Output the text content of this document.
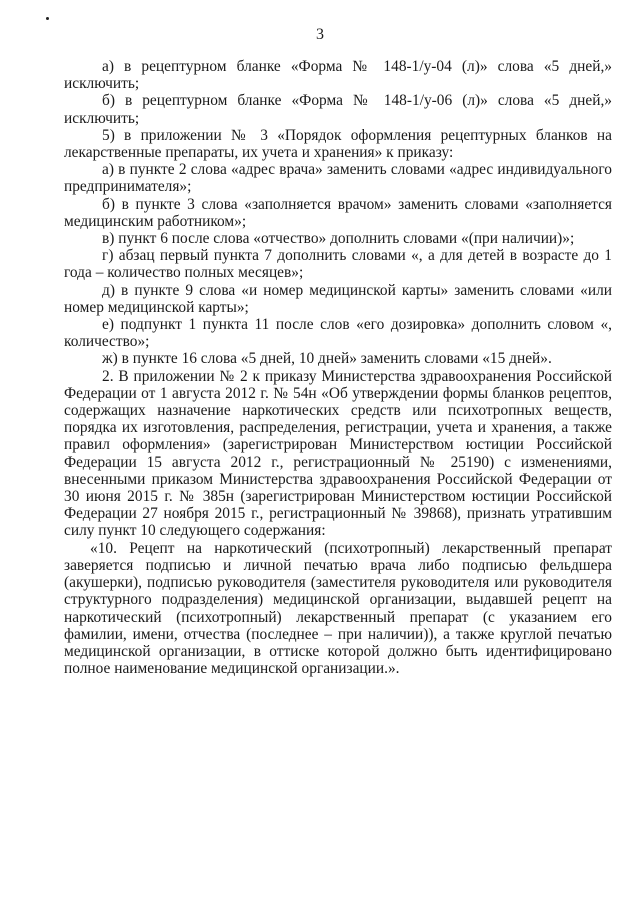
3

а) в рецептурном бланке «Форма № 148-1/у-04 (л)» слова «5 дней,» исключить;

б) в рецептурном бланке «Форма № 148-1/у-06 (л)» слова «5 дней,» исключить;

5) в приложении № 3 «Порядок оформления рецептурных бланков на лекарственные препараты, их учета и хранения» к приказу:

а) в пункте 2 слова «адрес врача» заменить словами «адрес индивидуального предпринимателя»;

б) в пункте 3 слова «заполняется врачом» заменить словами «заполняется медицинским работником»;

в) пункт 6 после слова «отчество» дополнить словами «(при наличии)»;

г) абзац первый пункта 7 дополнить словами «, а для детей в возрасте до 1 года – количество полных месяцев»;

д) в пункте 9 слова «и номер медицинской карты» заменить словами «или номер медицинской карты»;

е) подпункт 1 пункта 11 после слов «его дозировка» дополнить словом «, количество»;

ж) в пункте 16 слова «5 дней, 10 дней» заменить словами «15 дней».

2. В приложении № 2 к приказу Министерства здравоохранения Российской Федерации от 1 августа 2012 г. № 54н «Об утверждении формы бланков рецептов, содержащих назначение наркотических средств или психотропных веществ, порядка их изготовления, распределения, регистрации, учета и хранения, а также правил оформления» (зарегистрирован Министерством юстиции Российской Федерации 15 августа 2012 г., регистрационный № 25190) с изменениями, внесенными приказом Министерства здравоохранения Российской Федерации от 30 июня 2015 г. № 385н (зарегистрирован Министерством юстиции Российской Федерации 27 ноября 2015 г., регистрационный № 39868), признать утратившим силу пункт 10 следующего содержания:

«10. Рецепт на наркотический (психотропный) лекарственный препарат заверяется подписью и личной печатью врача либо подписью фельдшера (акушерки), подписью руководителя (заместителя руководителя или руководителя структурного подразделения) медицинской организации, выдавшей рецепт на наркотический (психотропный) лекарственный препарат (с указанием его фамилии, имени, отчества (последнее – при наличии)), а также круглой печатью медицинской организации, в оттиске которой должно быть идентифицировано полное наименование медицинской организации.».
